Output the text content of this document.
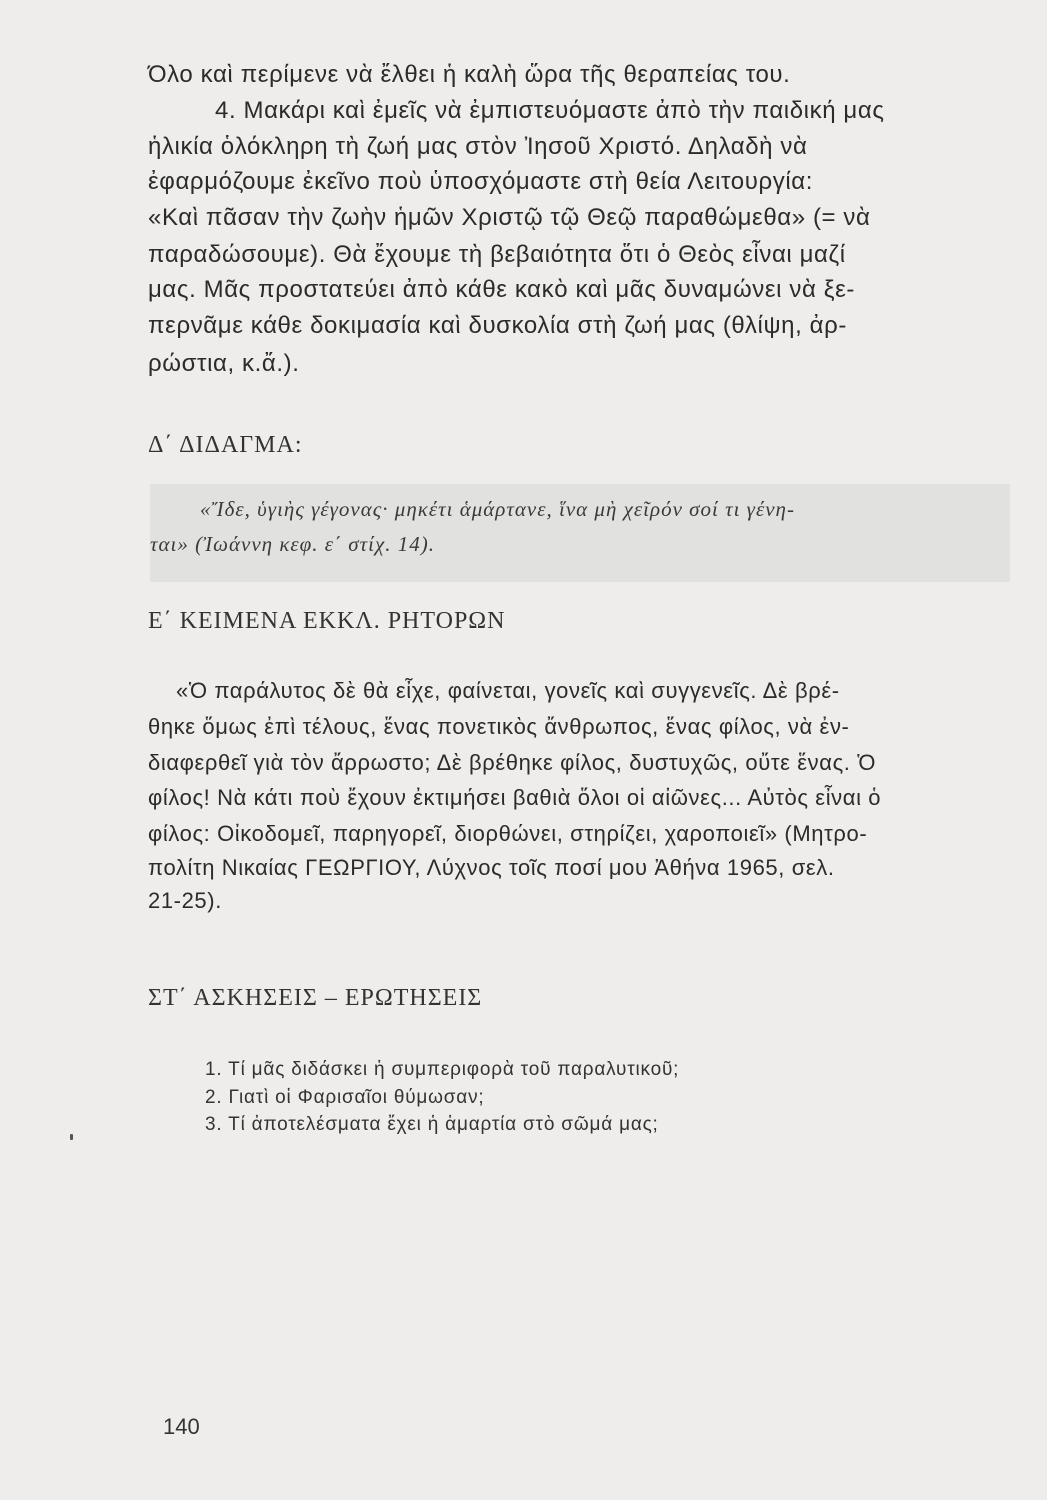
Όλο καὶ περίμενε νὰ ἔλθει ἡ καλὴ ὥρα τῆς θεραπείας του.
4. Μακάρι καὶ ἐμεῖς νὰ ἐμπιστευόμαστε ἀπὸ τὴν παιδική μας
ἡλικία ὁλόκληρη τὴ ζωή μας στὸν Ἰησοῦ Χριστό. Δηλαδὴ νὰ
ἐφαρμόζουμε ἐκεῖνο ποὺ ὑποσχόμαστε στὴ θεία Λειτουργία:
«Καὶ πᾶσαν τὴν ζωὴν ἡμῶν Χριστῷ τῷ Θεῷ παραθώμεθα» (= νὰ
παραδώσουμε). Θὰ ἔχουμε τὴ βεβαιότητα ὅτι ὁ Θεὸς εἶναι μαζί
μας. Μᾶς προστατεύει ἀπὸ κάθε κακὸ καὶ μᾶς δυναμώνει νὰ ξε-
περνᾶμε κάθε δοκιμασία καὶ δυσκολία στὴ ζωή μας (θλίψη, ἀρ-
ρώστια, κ.ἄ.).
Δ΄ ΔΙΔΑΓΜΑ:
«Ἴδε, ὑγιὴς γέγονας· μηκέτι ἁμάρτανε, ἵνα μὴ χεῖρόν σοί τι γένη-
ται» (Ἰωάννη κεφ. ε΄ στίχ. 14).
Ε΄ ΚΕΙΜΕΝΑ ΕΚΚΛ. ΡΗΤΟΡΩΝ
«Ὁ παράλυτος δὲ θὰ εἶχε, φαίνεται, γονεῖς καὶ συγγενεῖς. Δὲ βρέ-
θηκε ὅμως ἐπὶ τέλους, ἕνας πονετικὸς ἄνθρωπος, ἕνας φίλος, νὰ ἐν-
διαφερθεῖ γιὰ τὸν ἄρρωστο; Δὲ βρέθηκε φίλος, δυστυχῶς, οὔτε ἕνας. Ὁ
φίλος! Νὰ κάτι ποὺ ἔχουν ἐκτιμήσει βαθιὰ ὅλοι οἱ αἰῶνες... Αὐτὸς εἶναι ὁ
φίλος: Οἰκοδομεῖ, παρηγορεῖ, διορθώνει, στηρίζει, χαροποιεῖ» (Μητρο-
πολίτη Νικαίας ΓΕΩΡΓΙΟΥ, Λύχνος τοῖς ποσί μου Ἀθήνα 1965, σελ.
21-25).
ΣΤ΄ ΑΣΚΗΣΕΙΣ – ΕΡΩΤΗΣΕΙΣ
1. Τί μᾶς διδάσκει ἡ συμπεριφορὰ τοῦ παραλυτικοῦ;
2. Γιατὶ οἱ Φαρισαῖοι θύμωσαν;
3. Τί ἀποτελέσματα ἔχει ἡ ἁμαρτία στὸ σῶμά μας;
140
